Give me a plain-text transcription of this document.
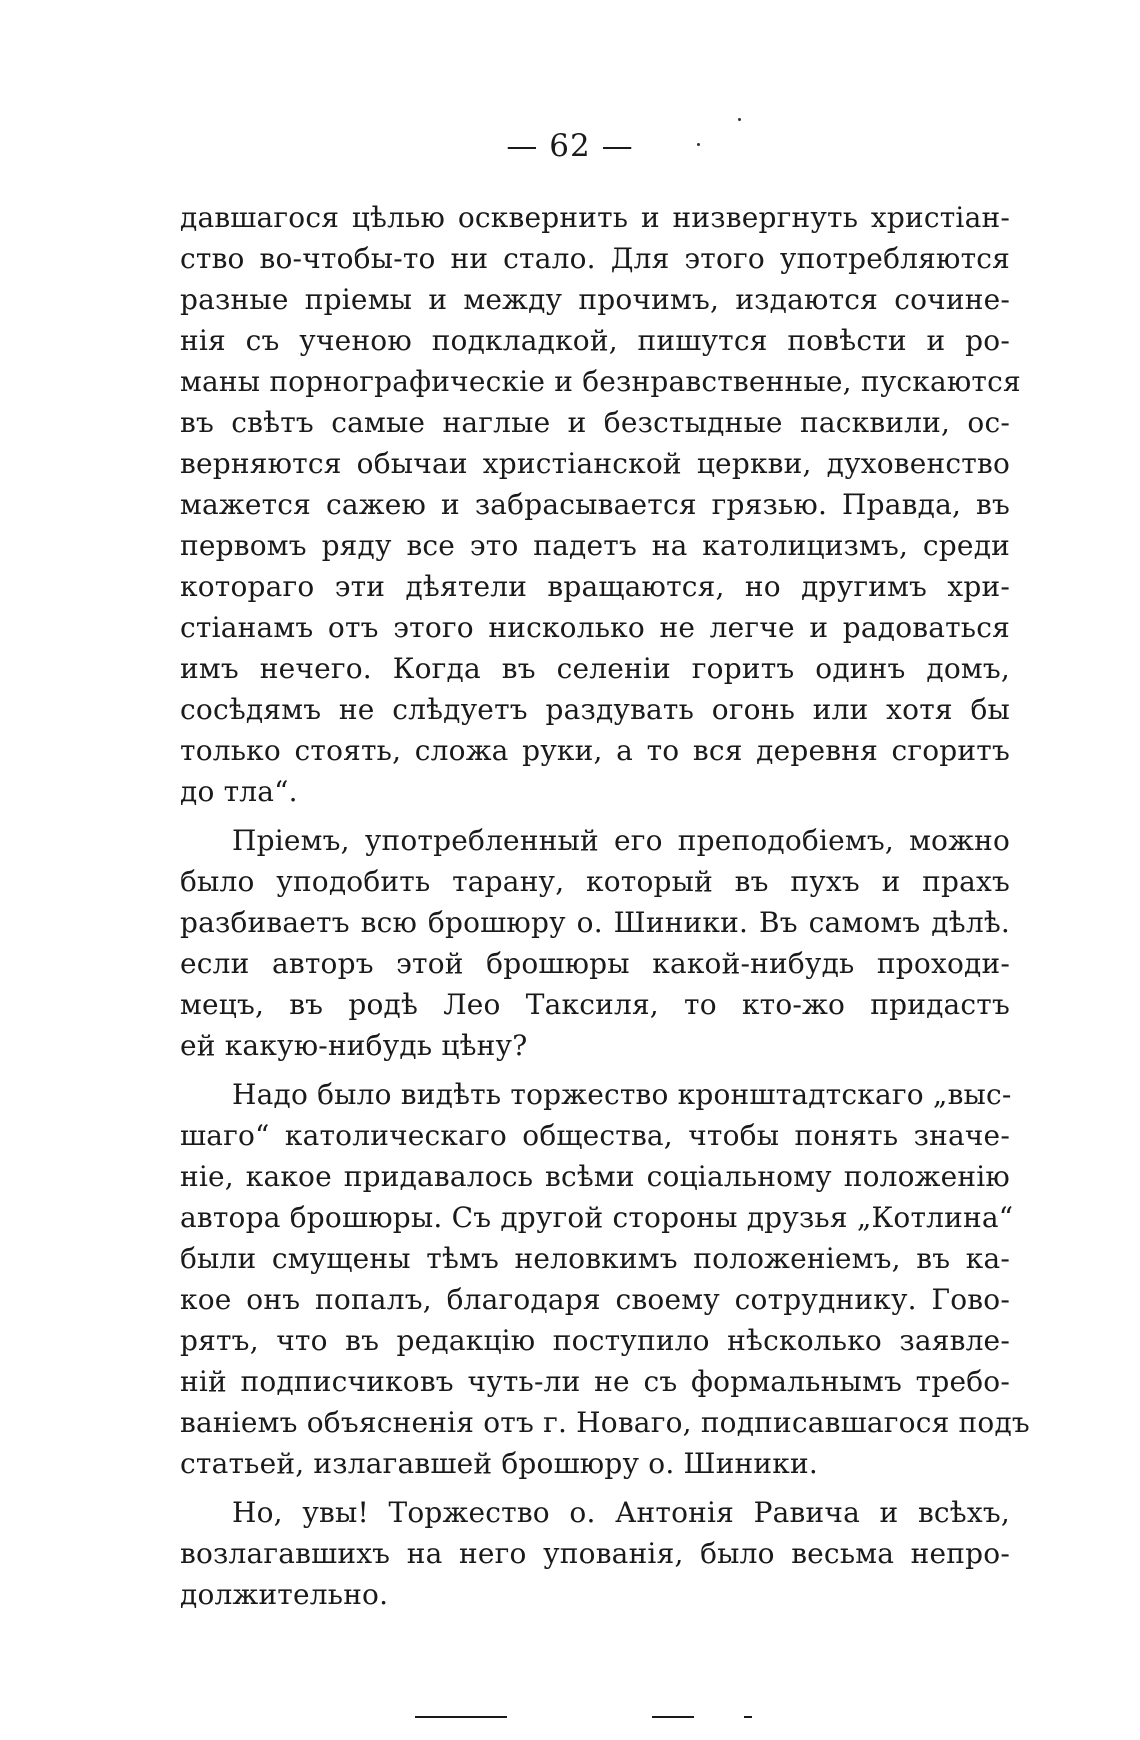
— 62 —
давшагося цѣлью осквернить и низвергнуть христіан-
ство во-чтобы-то ни стало. Для этого употребляются
разные пріемы и между прочимъ, издаются сочине-
нія съ ученою подкладкой, пишутся повѣсти и ро-
маны порнографическіе и безнравственные, пускаются
въ свѣтъ самые наглые и безстыдные пасквили, ос-
верняются обычаи христіанской церкви, духовенство
мажется сажею и забрасывается грязью. Правда, въ
первомъ ряду все это падетъ на католицизмъ, среди
котораго эти дѣятели вращаются, но другимъ хри-
стіанамъ отъ этого нисколько не легче и радоваться
имъ нечего. Когда въ селеніи горитъ одинъ домъ,
сосѣдямъ не слѣдуетъ раздувать огонь или хотя бы
только стоять, сложа руки, а то вся деревня сгоритъ
до тла“.
Пріемъ, употребленный его преподобіемъ, можно
было уподобить тарану, который въ пухъ и прахъ
разбиваетъ всю брошюру о. Шиники. Въ самомъ дѣлѣ.
если авторъ этой брошюры какой-нибудь проходи-
мецъ, въ родѣ Лео Таксиля, то кто-жо придастъ
ей какую-нибудь цѣну?
Надо было видѣть торжество кронштадтскаго „выс-
шаго“ католическаго общества, чтобы понять значе-
ніе, какое придавалось всѣми соціальному положенію
автора брошюры. Съ другой стороны друзья „Котлина“
были смущены тѣмъ неловкимъ положеніемъ, въ ка-
кое онъ попалъ, благодаря своему сотруднику. Гово-
рятъ, что въ редакцію поступило нѣсколько заявле-
ній подписчиковъ чуть-ли не съ формальнымъ требо-
ваніемъ объясненія отъ г. Новаго, подписавшагося подъ
статьей, излагавшей брошюру о. Шиники.
Но, увы! Торжество о. Антонія Равича и всѣхъ,
возлагавшихъ на него упованія, было весьма непро-
должительно.
